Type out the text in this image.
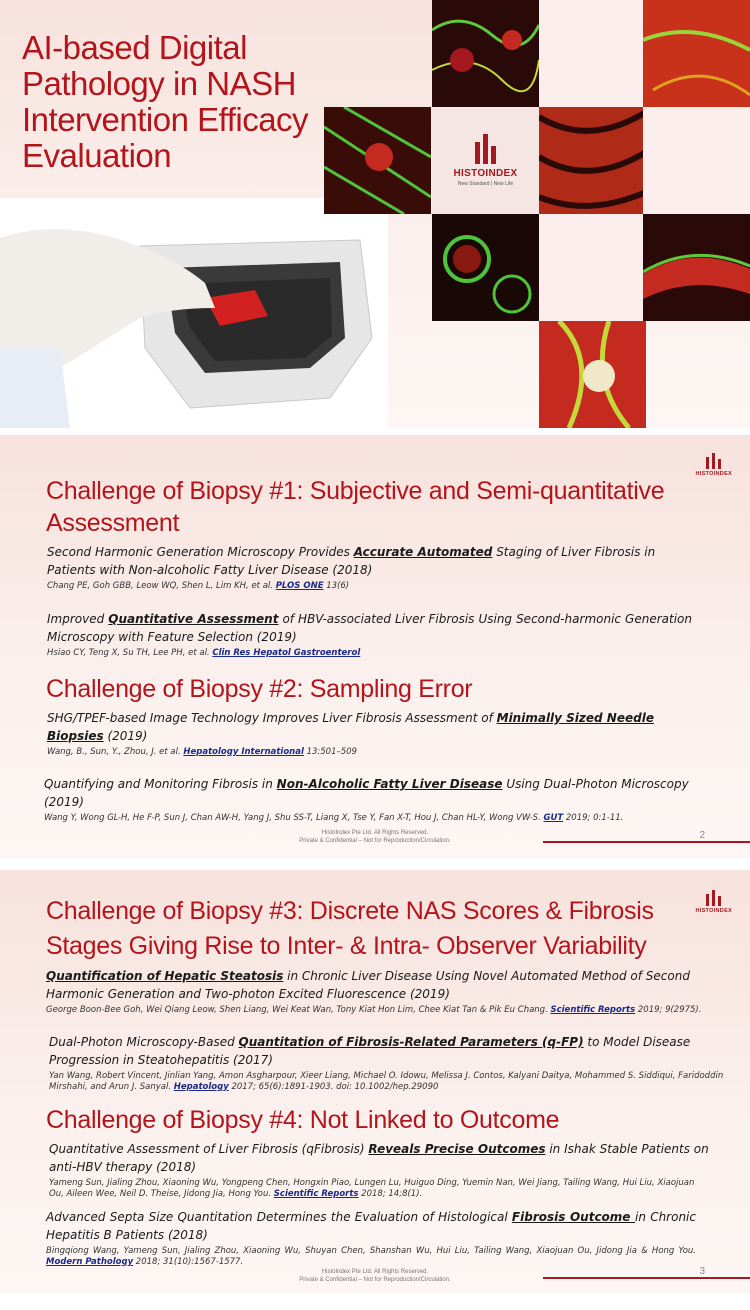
AI-based Digital Pathology in NASH Intervention Efficacy Evaluation	HISTOINDEX
New Standard | New Life
HISTOINDEX
Challenge of Biopsy #1: Subjective and Semi-quantitative Assessment
Second Harmonic Generation Microscopy Provides Accurate Automated Staging of Liver Fibrosis in Patients with Non-alcoholic Fatty Liver Disease (2018)
Chang PE, Goh GBB, Leow WQ, Shen L, Lim KH, et al. PLOS ONE 13(6)
Improved Quantitative Assessment of HBV-associated Liver Fibrosis Using Second-harmonic Generation Microscopy with Feature Selection (2019)
Hsiao CY, Teng X, Su TH, Lee PH, et al. Clin Res Hepatol Gastroenterol
Challenge of Biopsy #2: Sampling Error
SHG/TPEF-based Image Technology Improves Liver Fibrosis Assessment of Minimally Sized Needle Biopsies (2019)
Wang, B., Sun, Y., Zhou, J. et al. Hepatology International 13:501–509
Quantifying and Monitoring Fibrosis in Non-Alcoholic Fatty Liver Disease Using Dual-Photon Microscopy (2019)
Wang Y, Wong GL-H, He F-P, Sun J, Chan AW-H, Yang J, Shu SS-T, Liang X, Tse Y, Fan X-T, Hou J, Chan HL-Y, Wong VW-S. GUT 2019; 0:1-11.
HistoIndex Pte Ltd. All Rights Reserved.
Private & Confidential – Not for Reproduction/Circulation.	2
HISTOINDEX
Challenge of Biopsy #3: Discrete NAS Scores & Fibrosis Stages Giving Rise to Inter- & Intra- Observer Variability
Quantification of Hepatic Steatosis in Chronic Liver Disease Using Novel Automated Method of Second Harmonic Generation and Two-photon Excited Fluorescence (2019)
George Boon-Bee Goh, Wei Qiang Leow, Shen Liang, Wei Keat Wan, Tony Kiat Hon Lim, Chee Kiat Tan & Pik Eu Chang. Scientific Reports 2019; 9(2975).
Dual-Photon Microscopy-Based Quantitation of Fibrosis-Related Parameters (q-FP) to Model Disease Progression in Steatohepatitis (2017)
Yan Wang, Robert Vincent, Jinlian Yang, Amon Asgharpour, Xieer Liang, Michael O. Idowu, Melissa J. Contos, Kalyani Daitya, Mohammed S. Siddiqui, Faridoddin Mirshahi, and Arun J. Sanyal. Hepatology 2017; 65(6):1891-1903. doi: 10.1002/hep.29090
Challenge of Biopsy #4: Not Linked to Outcome
Quantitative Assessment of Liver Fibrosis (qFibrosis) Reveals Precise Outcomes in Ishak Stable Patients on anti-HBV therapy (2018)
Yameng Sun, Jialing Zhou, Xiaoning Wu, Yongpeng Chen, Hongxin Piao, Lungen Lu, Huiguo Ding, Yuemin Nan, Wei Jiang, Tailing Wang, Hui Liu, Xiaojuan Ou, Aileen Wee, Neil D. Theise, Jidong Jia, Hong You. Scientific Reports 2018; 14;8(1).
Advanced Septa Size Quantitation Determines the Evaluation of Histological Fibrosis Outcome in Chronic Hepatitis B Patients (2018)
Bingqiong Wang, Yameng Sun, Jialing Zhou, Xiaoning Wu, Shuyan Chen, Shanshan Wu, Hui Liu, Tailing Wang, Xiaojuan Ou, Jidong Jia & Hong You. Modern Pathology 2018; 31(10):1567-1577.
HistoIndex Pte Ltd. All Rights Reserved.
Private & Confidential – Not for Reproduction/Circulation.
3
